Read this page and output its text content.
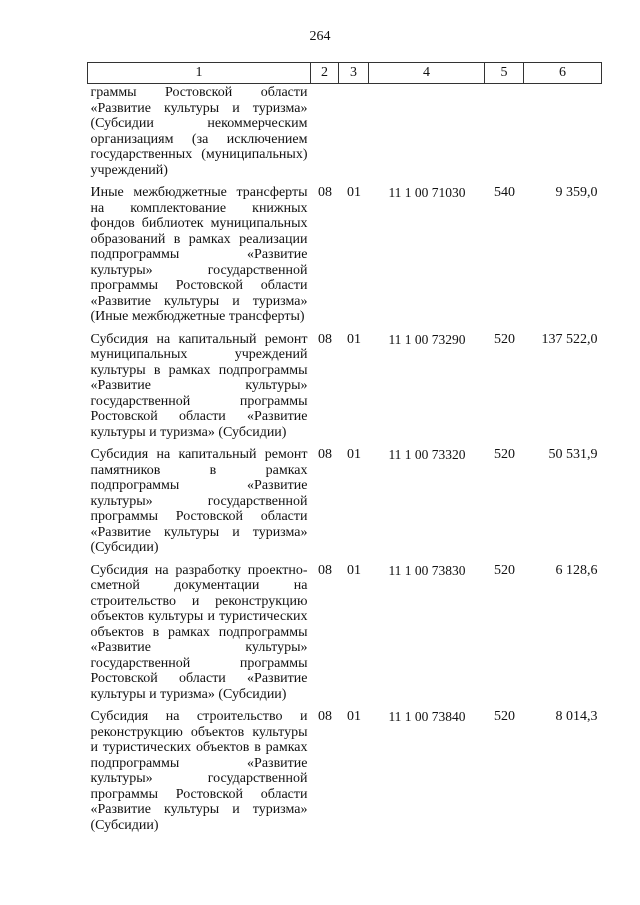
264
1	2	3	4	5	6
граммы Ростовской области «Развитие культуры и туризма» (Субсидии некоммерческим организациям (за исключением государственных (муниципальных) учреждений)					
Иные межбюджетные трансферты на комплектование книжных фондов библиотек муниципальных образований в рамках реализации подпрограммы «Развитие культуры» государственной программы Ростовской области «Развитие культуры и туризма» (Иные межбюджетные трансферты)	08	01	11 1 00 71030	540	9 359,0
Субсидия на капитальный ремонт муниципальных учреждений культуры в рамках подпрограммы «Развитие культуры» государственной программы Ростовской области «Развитие культуры и туризма» (Субсидии)	08	01	11 1 00 73290	520	137 522,0
Субсидия на капитальный ремонт памятников в рамках подпрограммы «Развитие культуры» государственной программы Ростовской области «Развитие культуры и туризма» (Субсидии)	08	01	11 1 00 73320	520	50 531,9
Субсидия на разработку проектно-сметной документации на строительство и реконструкцию объектов культуры и туристических объектов в рамках подпрограммы «Развитие культуры» государственной программы Ростовской области «Развитие культуры и туризма» (Субсидии)	08	01	11 1 00 73830	520	6 128,6
Субсидия на строительство и реконструкцию объектов культуры и туристических объектов в рамках подпрограммы «Развитие культуры» государственной программы Ростовской области «Развитие культуры и туризма» (Субсидии)	08	01	11 1 00 73840	520	8 014,3
